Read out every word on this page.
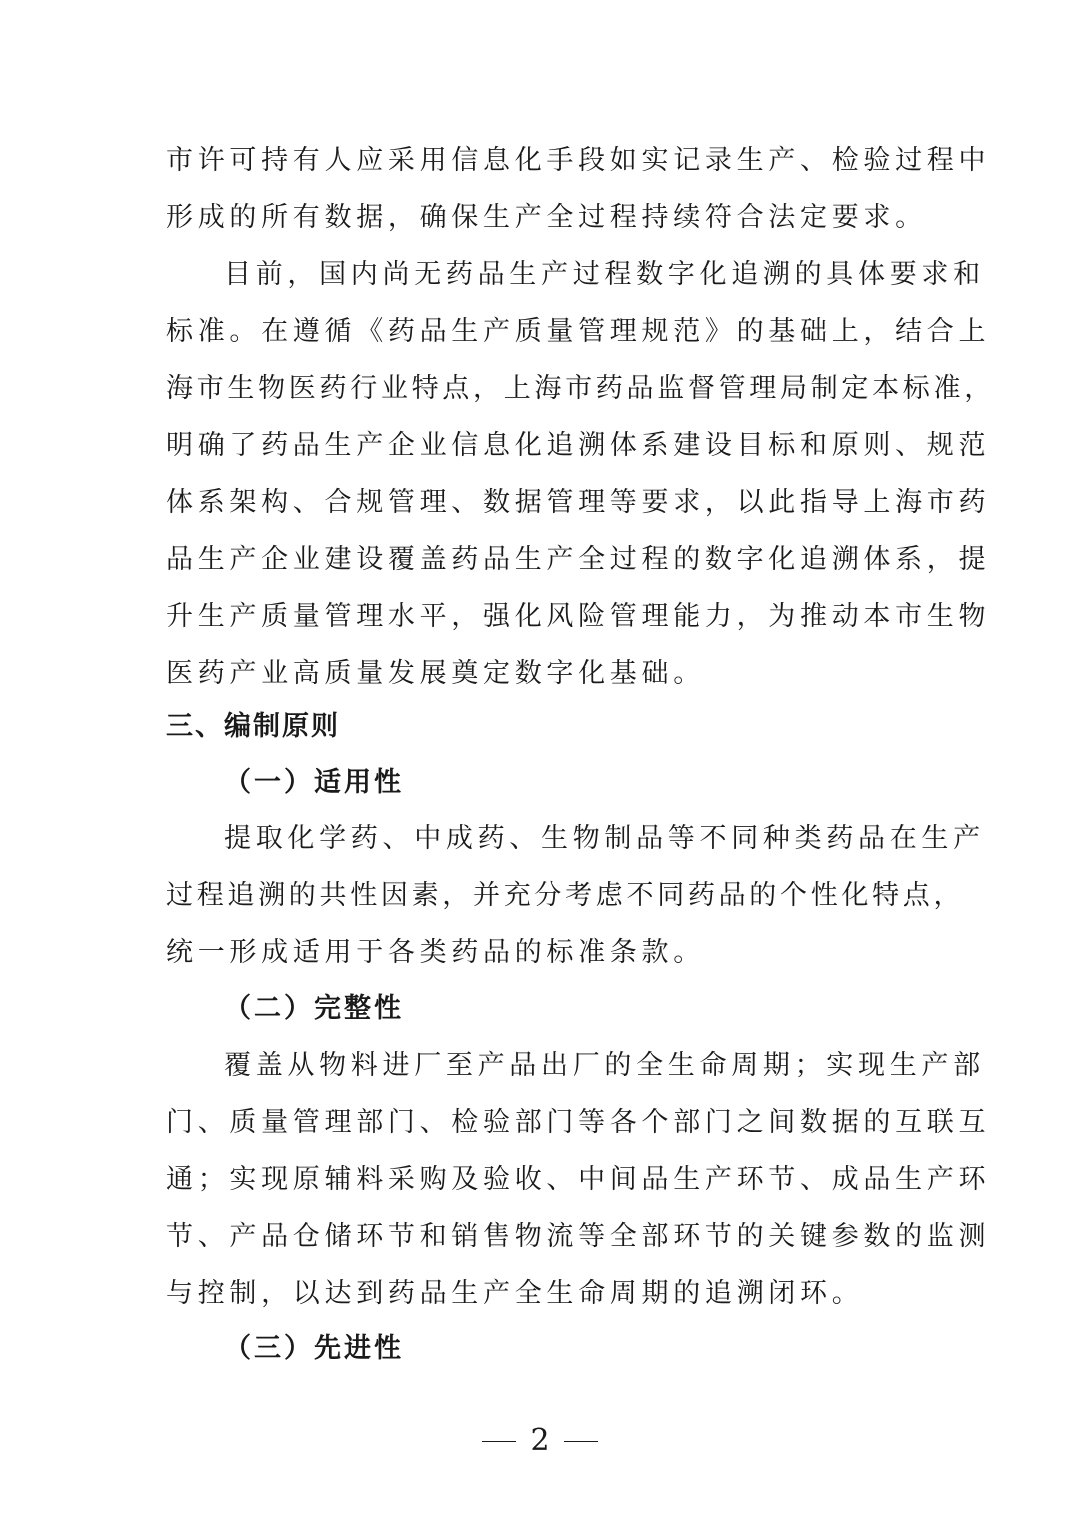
市许可持有人应采用信息化手段如实记录生产、检验过程中
形成的所有数据，确保生产全过程持续符合法定要求。
目前，国内尚无药品生产过程数字化追溯的具体要求和
标准。在遵循《药品生产质量管理规范》的基础上，结合上
海市生物医药行业特点，上海市药品监督管理局制定本标准，
明确了药品生产企业信息化追溯体系建设目标和原则、规范
体系架构、合规管理、数据管理等要求，以此指导上海市药
品生产企业建设覆盖药品生产全过程的数字化追溯体系，提
升生产质量管理水平，强化风险管理能力，为推动本市生物
医药产业高质量发展奠定数字化基础。
三、编制原则
（一）适用性
提取化学药、中成药、生物制品等不同种类药品在生产
过程追溯的共性因素，并充分考虑不同药品的个性化特点，
统一形成适用于各类药品的标准条款。
（二）完整性
覆盖从物料进厂至产品出厂的全生命周期；实现生产部
门、质量管理部门、检验部门等各个部门之间数据的互联互
通；实现原辅料采购及验收、中间品生产环节、成品生产环
节、产品仓储环节和销售物流等全部环节的关键参数的监测
与控制，以达到药品生产全生命周期的追溯闭环。
（三）先进性
2
